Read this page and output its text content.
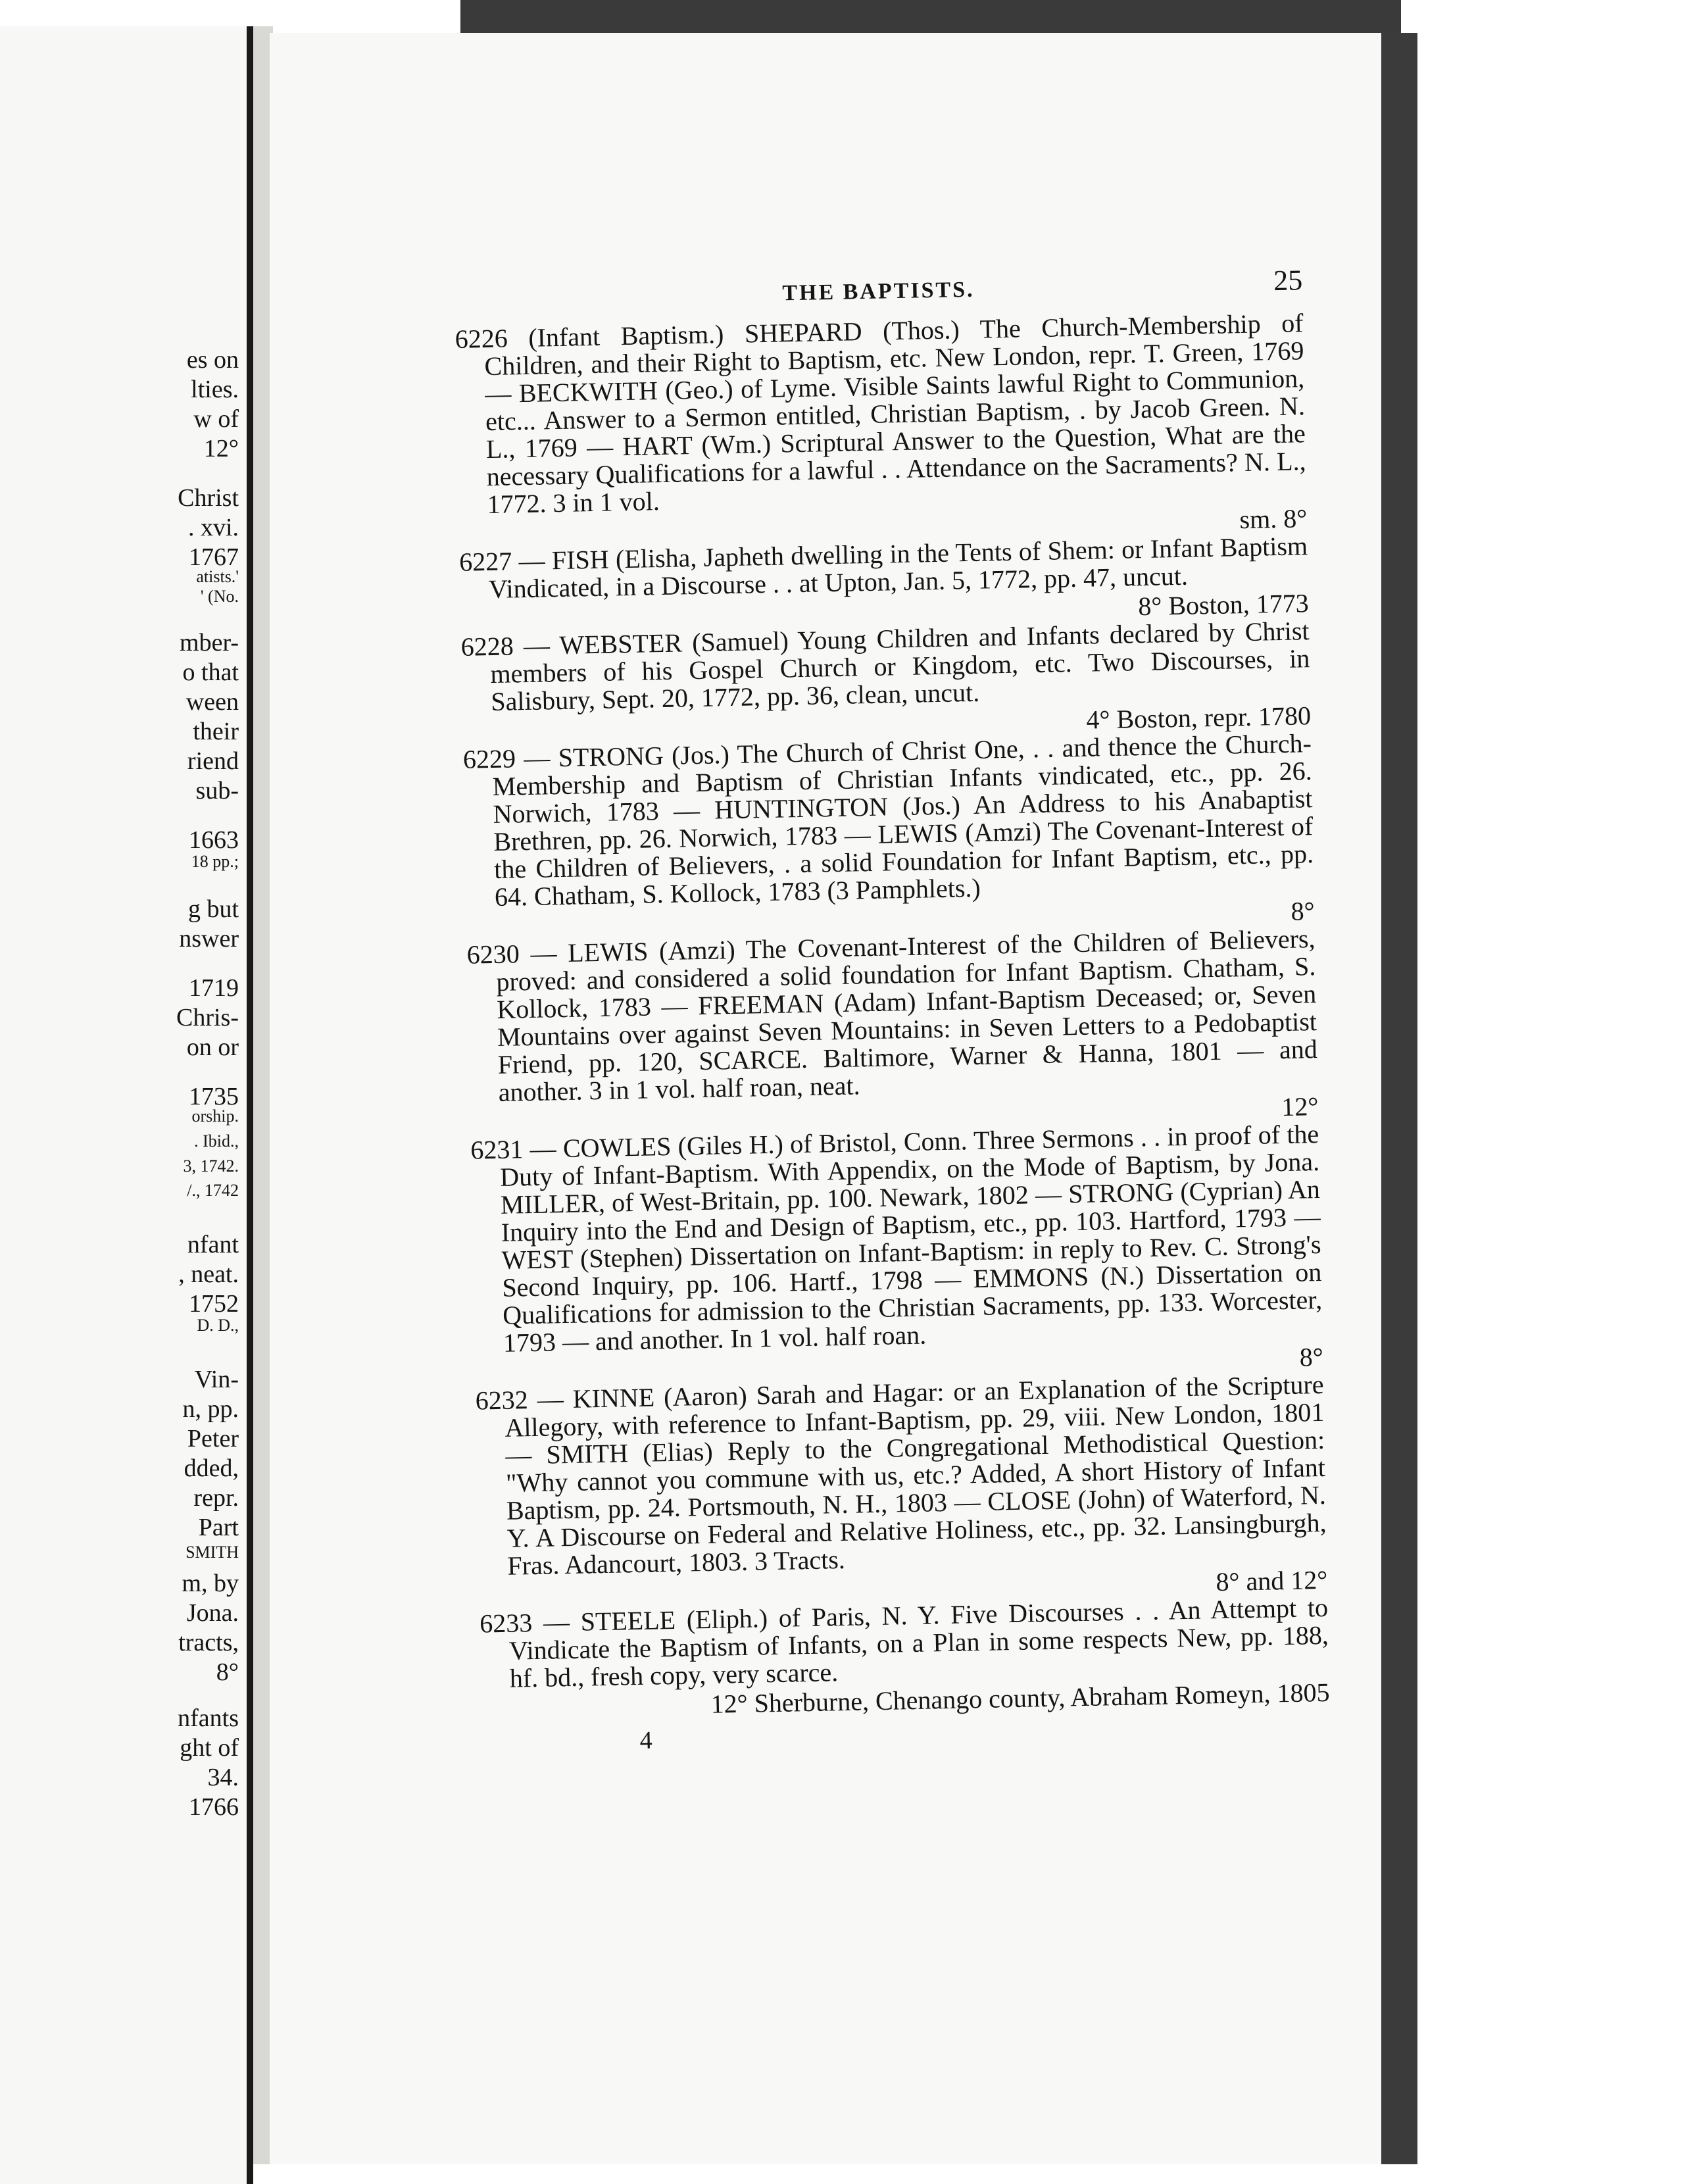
es on
lties.
w of
12°
Christ
. xvi.
1767
atists.'
' (No.
mber-
o that
ween
their
riend
sub-
1663
18 pp.;
g but
nswer
1719
Chris-
on or
1735
orship.
. Ibid.,
3, 1742.
/., 1742
nfant
, neat.
1752
D. D.,
Vin-
n, pp.
Peter
dded,
repr.
Part
SMITH
m, by
Jona.
tracts,
8°
nfants
ght of
34.
1766
THE BAPTISTS.	25

6226 (Infant Baptism.) SHEPARD (Thos.) The Church-Membership of Children, and their Right to Baptism, etc. New London, repr. T. Green, 1769 — BECKWITH (Geo.) of Lyme. Visible Saints lawful Right to Communion, etc... Answer to a Sermon entitled, Christian Baptism, . by Jacob Green. N. L., 1769 — HART (Wm.) Scriptural Answer to the Question, What are the necessary Qualifications for a lawful . . Attendance on the Sacraments? N. L., 1772. 3 in 1 vol.	sm. 8°

6227 — FISH (Elisha, Japheth dwelling in the Tents of Shem: or Infant Baptism Vindicated, in a Discourse . . at Upton, Jan. 5, 1772, pp. 47, uncut.

8° Boston, 1773

6228 — WEBSTER (Samuel) Young Children and Infants declared by Christ members of his Gospel Church or Kingdom, etc. Two Discourses, in Salisbury, Sept. 20, 1772, pp. 36, clean, uncut.

4° Boston, repr. 1780

6229 — STRONG (Jos.) The Church of Christ One, . . and thence the Church-Membership and Baptism of Christian Infants vindicated, etc., pp. 26. Norwich, 1783 — HUNTINGTON (Jos.) An Address to his Anabaptist Brethren, pp. 26. Norwich, 1783 — LEWIS (Amzi) The Covenant-Interest of the Children of Believers, . a solid Foundation for Infant Baptism, etc., pp. 64. Chatham, S. Kollock, 1783 (3 Pamphlets.)	8°

6230 — LEWIS (Amzi) The Covenant-Interest of the Children of Believers, proved: and considered a solid foundation for Infant Baptism. Chatham, S. Kollock, 1783 — FREEMAN (Adam) Infant-Baptism Deceased; or, Seven Mountains over against Seven Mountains: in Seven Letters to a Pedobaptist Friend, pp. 120, SCARCE. Baltimore, Warner & Hanna, 1801 — and another. 3 in 1 vol. half roan, neat.	12°

6231 — COWLES (Giles H.) of Bristol, Conn. Three Sermons . . in proof of the Duty of Infant-Baptism. With Appendix, on the Mode of Baptism, by Jona. MILLER, of West-Britain, pp. 100. Newark, 1802 — STRONG (Cyprian) An Inquiry into the End and Design of Baptism, etc., pp. 103. Hartford, 1793 — WEST (Stephen) Dissertation on Infant-Baptism: in reply to Rev. C. Strong's Second Inquiry, pp. 106. Hartf., 1798 — EMMONS (N.) Dissertation on Qualifications for admission to the Christian Sacraments, pp. 133. Worcester, 1793 — and another. In 1 vol. half roan.	8°

6232 — KINNE (Aaron) Sarah and Hagar: or an Explanation of the Scripture Allegory, with reference to Infant-Baptism, pp. 29, viii. New London, 1801 — SMITH (Elias) Reply to the Congregational Methodistical Question: "Why cannot you commune with us, etc.? Added, A short History of Infant Baptism, pp. 24. Portsmouth, N. H., 1803 — CLOSE (John) of Waterford, N. Y. A Discourse on Federal and Relative Holiness, etc., pp. 32. Lansingburgh, Fras. Adancourt, 1803. 3 Tracts.

8° and 12°

6233 — STEELE (Eliph.) of Paris, N. Y. Five Discourses . . An Attempt to Vindicate the Baptism of Infants, on a Plan in some respects New, pp. 188, hf. bd., fresh copy, very scarce.

12° Sherburne, Chenango county, Abraham Romeyn, 1805
4
